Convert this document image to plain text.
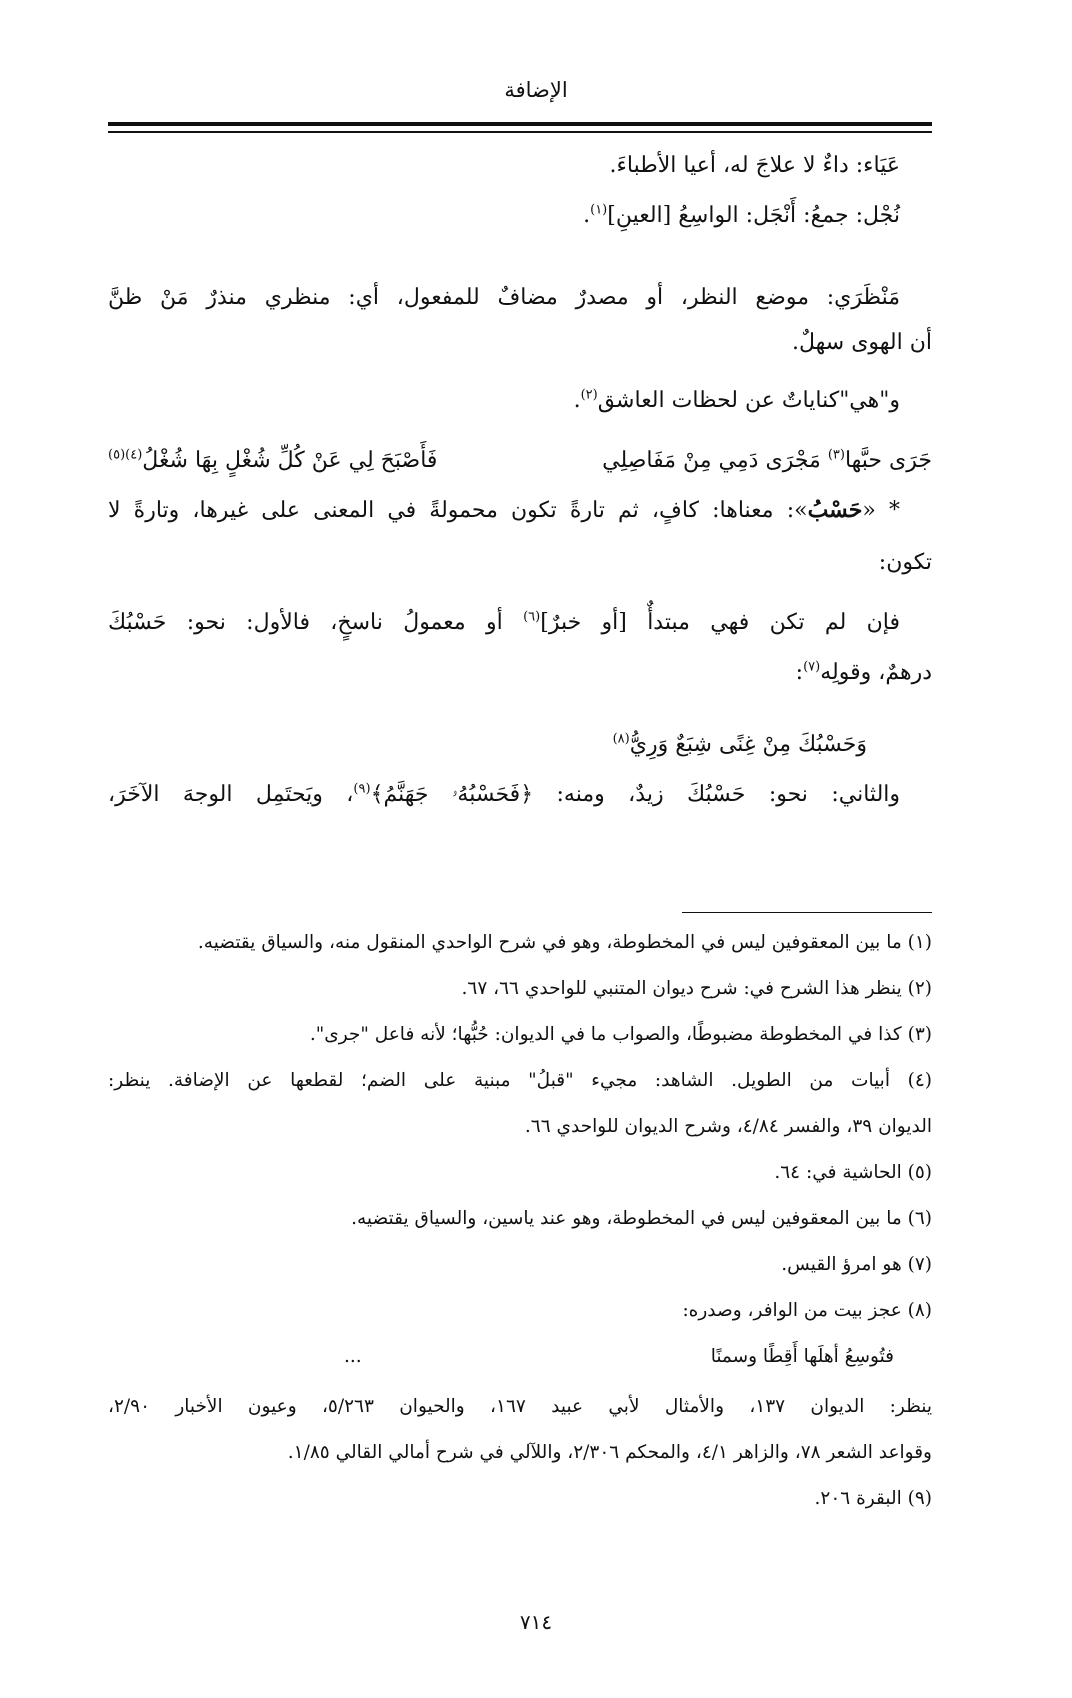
الإضافة
عَيَاء: داءٌ لا علاجَ له، أعيا الأطباءَ.
نُجْل: جمعُ: أَنْجَل: الواسِعُ [العينِ]$^{(١)}$.
مَنْظَرَي: موضع النظر، أو مصدرٌ مضافٌ للمفعول، أي: منظري منذرٌ مَنْ ظنَّ
أن الهوى سهلٌ.
و"هي"كناياتٌ عن لحظات العاشق$^{(٢)}$.
جَرَى حبَّها$^{(٣)}$ مَجْرَى دَمِي مِنْ مَفَاصِلِي
فَأَصْبَحَ لِي عَنْ كُلِّ شُغْلٍ بِهَا شُغْلُ$^{(٤)(٥)}$
* «حَسْبُ»: معناها: كافٍ، ثم تارةً تكون محمولةً في المعنى على غيرها، وتارةً لا
تكون:
فإن لم تكن فهي مبتدأٌ [أو خبرٌ]$^{(٦)}$ أو معمولُ ناسخٍ، فالأول: نحو: حَسْبُكَ
درهمٌ، وقولِه$^{(٧)}$:
وَحَسْبُكَ مِنْ غِنًى شِبَعٌ وَرِيُّ$^{(٨)}$
والثاني: نحو: حَسْبُكَ زيدٌ، ومنه: ﴿فَحَسْبُهُۥ جَهَنَّمُ﴾$^{(٩)}$، ويَحتَمِل الوجهَ الآخَرَ،
(١) ما بين المعقوفين ليس في المخطوطة، وهو في شرح الواحدي المنقول منه، والسياق يقتضيه.
(٢) ينظر هذا الشرح في: شرح ديوان المتنبي للواحدي ٦٦، ٦٧.
(٣) كذا في المخطوطة مضبوطًا، والصواب ما في الديوان: حُبُّها؛ لأنه فاعل "جرى".
(٤) أبيات من الطويل. الشاهد: مجيء "قبلُ" مبنية على الضم؛ لقطعها عن الإضافة. ينظر:
الديوان ٣٩، والفسر ٤/٨٤، وشرح الديوان للواحدي ٦٦.
(٥) الحاشية في: ٦٤.
(٦) ما بين المعقوفين ليس في المخطوطة، وهو عند ياسين، والسياق يقتضيه.
(٧) هو امرؤ القيس.
(٨) عجز بيت من الوافر، وصدره:
فتُوسِعُ أهلَها أَقِطًا وسمنًا
...
ينظر: الديوان ١٣٧، والأمثال لأبي عبيد ١٦٧، والحيوان ٥/٢٦٣، وعيون الأخبار ٢/٩٠،
وقواعد الشعر ٧٨، والزاهر ٤/١، والمحكم ٢/٣٠٦، واللآلي في شرح أمالي القالي ١/٨٥.
(٩) البقرة ٢٠٦.
٧١٤
